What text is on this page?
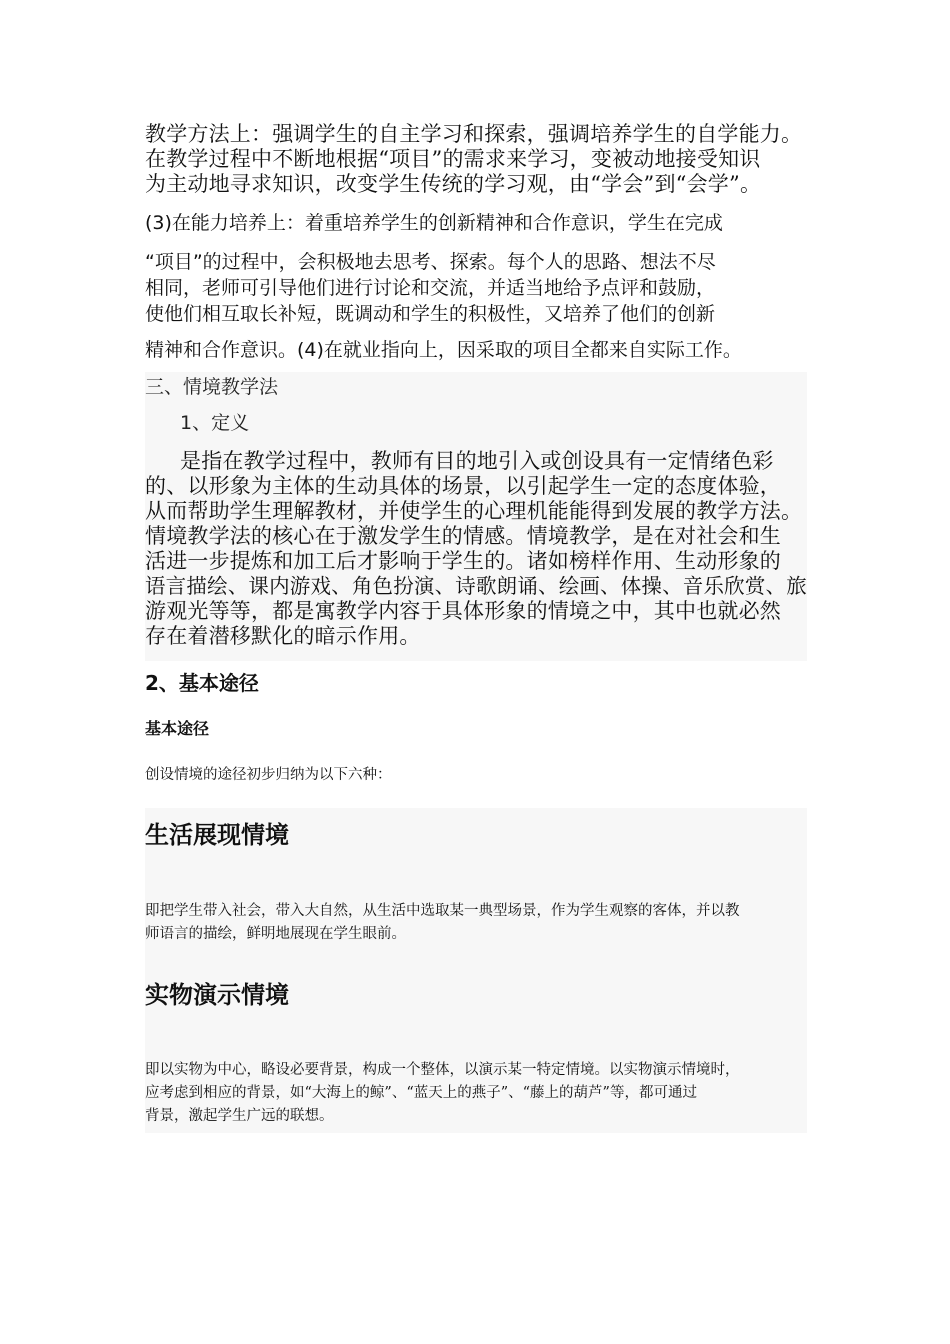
教学方法上：强调学生的自主学习和探索，强调培养学生的自学能力。
在教学过程中不断地根据“项目”的需求来学习，变被动地接受知识
为主动地寻求知识，改变学生传统的学习观，由“学会”到“会学”。
(3)在能力培养上：着重培养学生的创新精神和合作意识，学生在完成
“项目”的过程中，会积极地去思考、探索。每个人的思路、想法不尽
相同，老师可引导他们进行讨论和交流，并适当地给予点评和鼓励，
使他们相互取长补短，既调动和学生的积极性，又培养了他们的创新
精神和合作意识。(4)在就业指向上，因采取的项目全都来自实际工作。
三、情境教学法
1、定义
是指在教学过程中，教师有目的地引入或创设具有一定情绪色彩
的、以形象为主体的生动具体的场景，以引起学生一定的态度体验，
从而帮助学生理解教材，并使学生的心理机能能得到发展的教学方法。
情境教学法的核心在于激发学生的情感。情境教学，是在对社会和生
活进一步提炼和加工后才影响于学生的。诸如榜样作用、生动形象的
语言描绘、课内游戏、角色扮演、诗歌朗诵、绘画、体操、音乐欣赏、旅
游观光等等，都是寓教学内容于具体形象的情境之中，其中也就必然
存在着潜移默化的暗示作用。
2、基本途径
基本途径
创设情境的途径初步归纳为以下六种：
生活展现情境
即把学生带入社会，带入大自然，从生活中选取某一典型场景，作为学生观察的客体，并以教
师语言的描绘，鲜明地展现在学生眼前。
实物演示情境
即以实物为中心，略设必要背景，构成一个整体，以演示某一特定情境。以实物演示情境时，
应考虑到相应的背景，如“大海上的鲸”、“蓝天上的燕子”、“藤上的葫芦”等，都可通过
背景，激起学生广远的联想。
